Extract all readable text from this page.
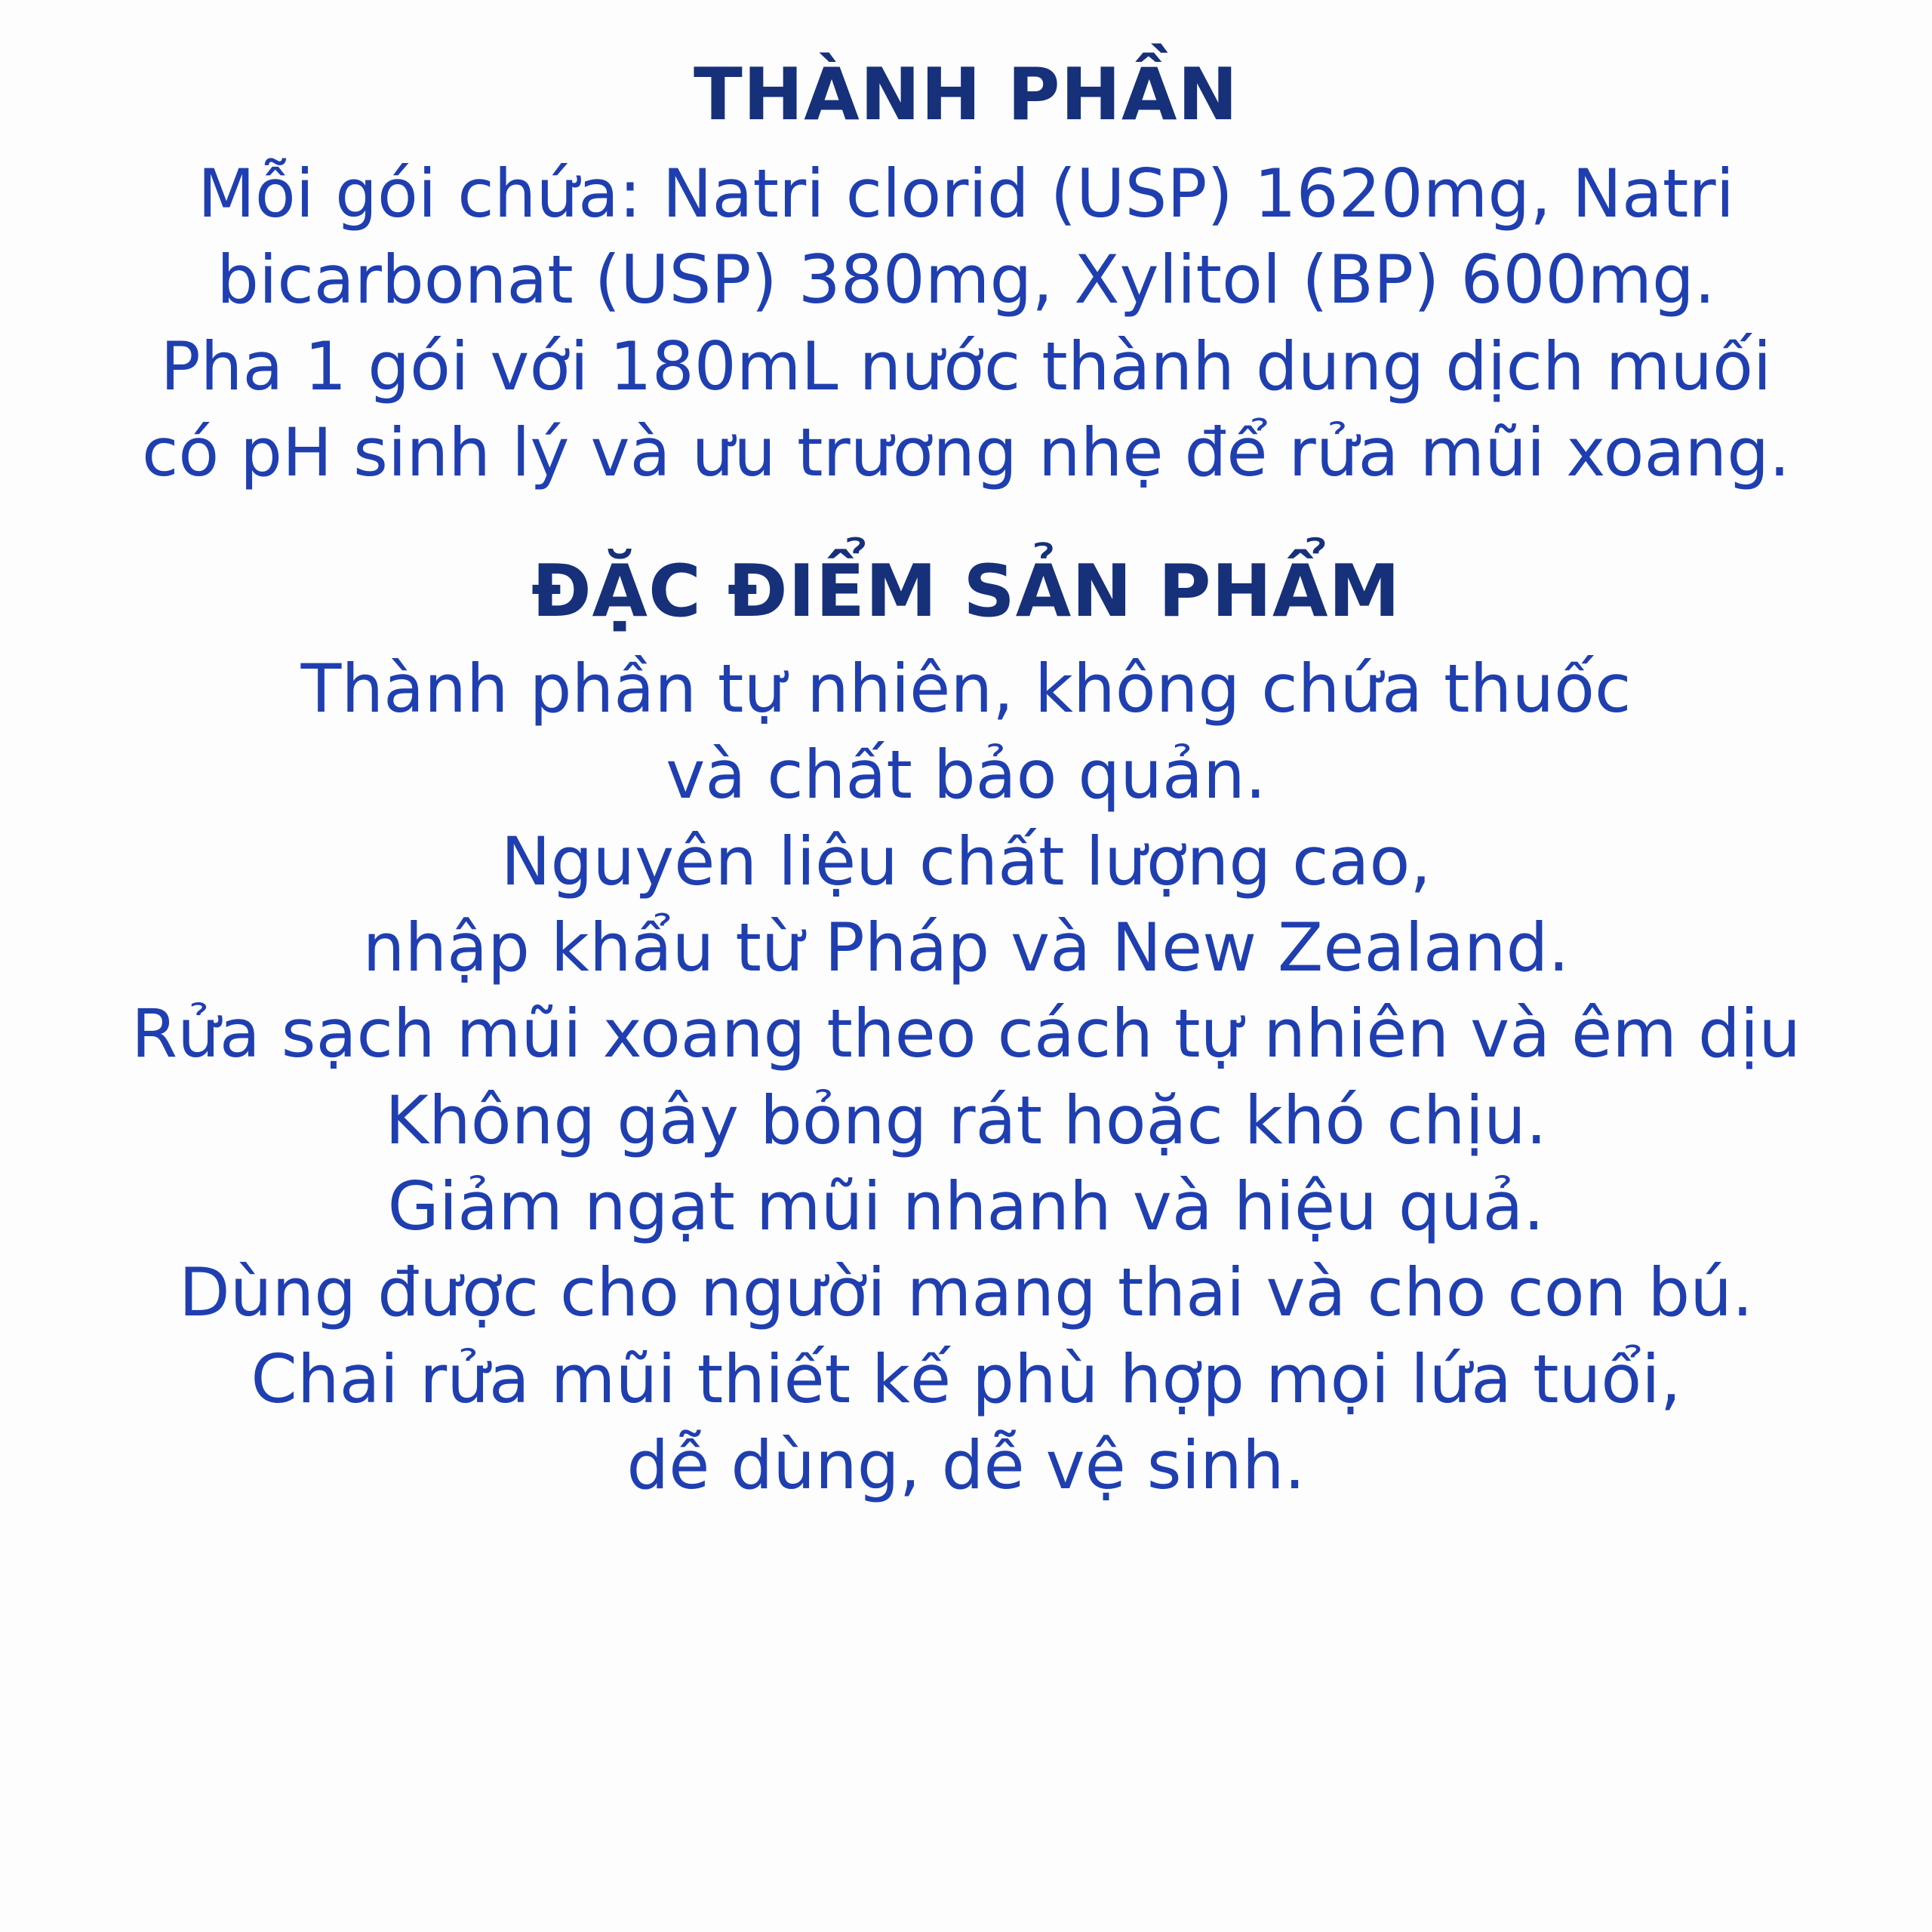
THÀNH PHẦN

Mỗi gói chứa: Natri clorid (USP) 1620mg, Natri

bicarbonat (USP) 380mg, Xylitol (BP) 600mg.

Pha 1 gói với 180mL nước thành dung dịch muối

có pH sinh lý và ưu trương nhẹ để rửa mũi xoang.

ĐẶC ĐIỂM SẢN PHẨM

Thành phần tự nhiên, không chứa thuốc

và chất bảo quản.

Nguyên liệu chất lượng cao,

nhập khẩu từ Pháp và New Zealand.

Rửa sạch mũi xoang theo cách tự nhiên và êm dịu

Không gây bỏng rát hoặc khó chịu.

Giảm ngạt mũi nhanh và hiệu quả.

Dùng được cho người mang thai và cho con bú.

Chai rửa mũi thiết kế phù hợp mọi lứa tuổi,

dễ dùng, dễ vệ sinh.
